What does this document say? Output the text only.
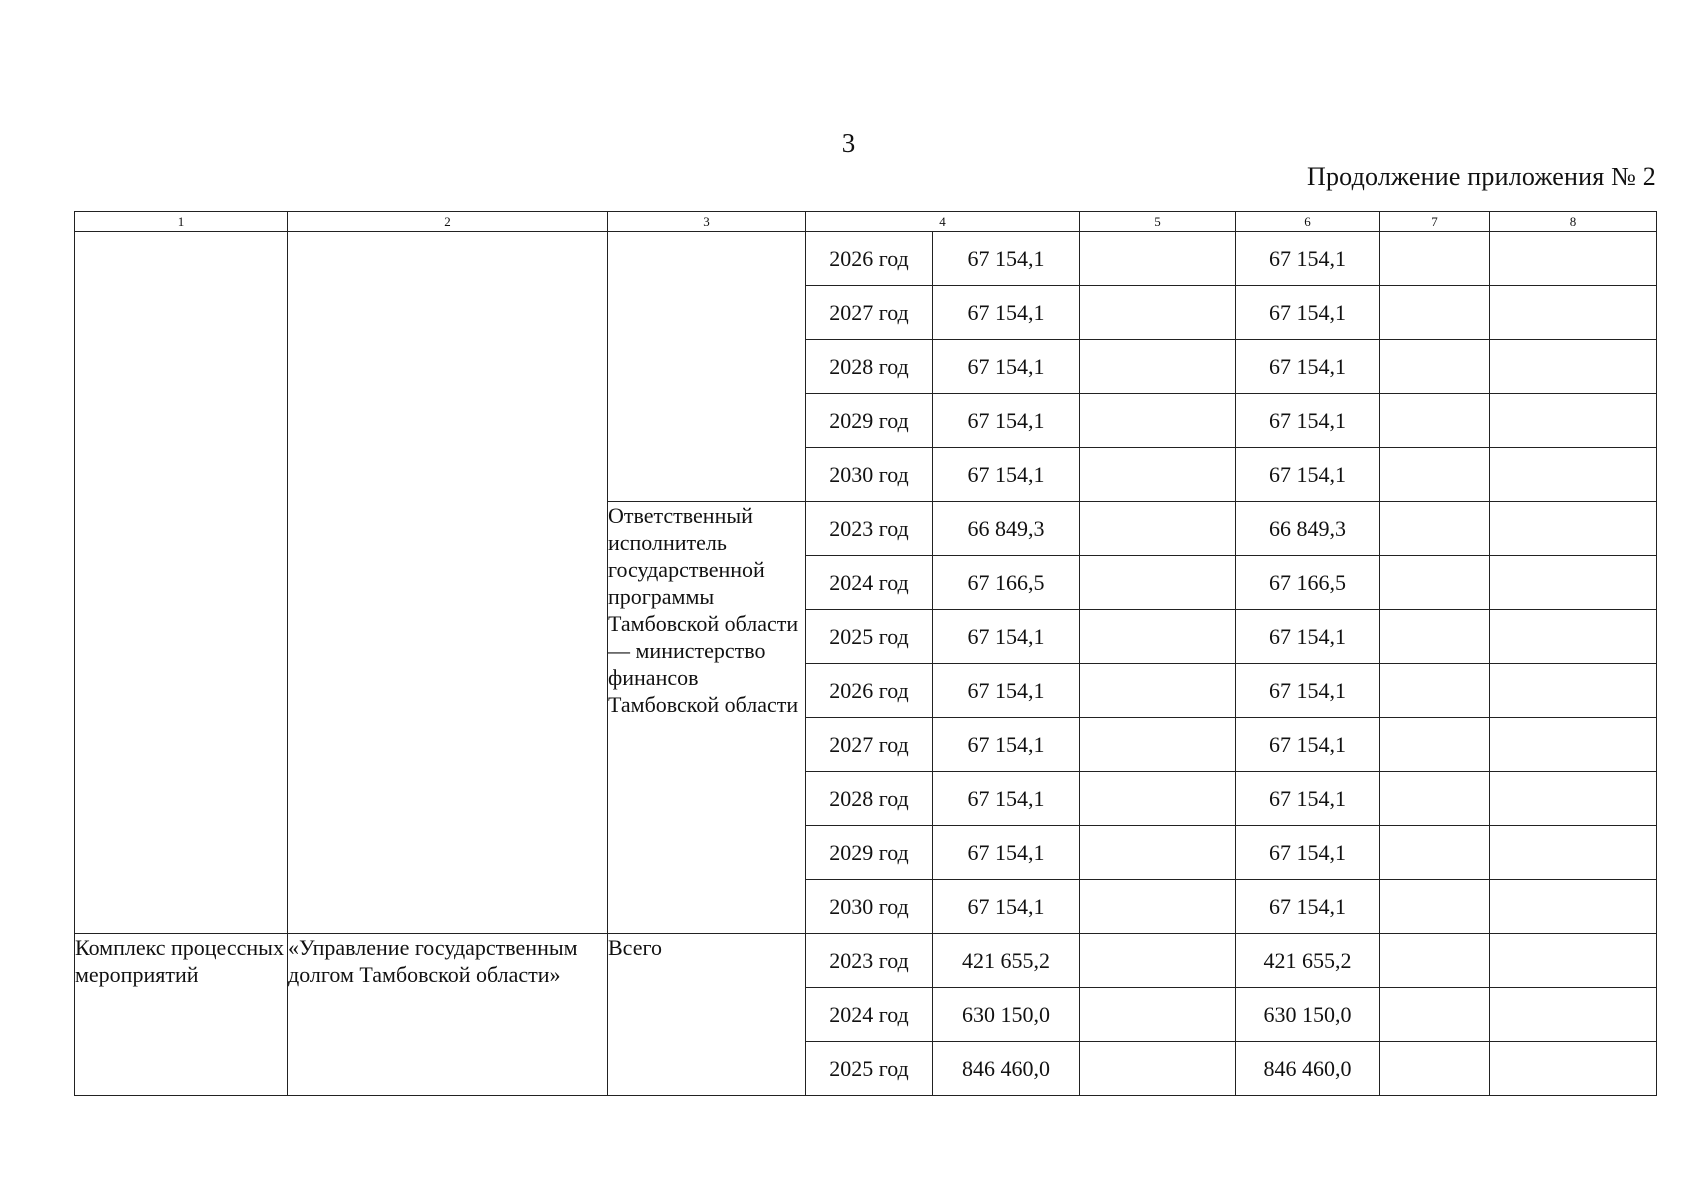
3
Продолжение приложения № 2
1	2	3	4		5	6	7	8
			2026 год	67 154,1		67 154,1		
			2027 год	67 154,1		67 154,1		
			2028 год	67 154,1		67 154,1		
			2029 год	67 154,1		67 154,1		
			2030 год	67 154,1		67 154,1		
		Ответственный исполнитель государственной программы Тамбовской области — министерство финансов Тамбовской области	2023 год	66 849,3		66 849,3		
			2024 год	67 166,5		67 166,5		
			2025 год	67 154,1		67 154,1		
			2026 год	67 154,1		67 154,1		
			2027 год	67 154,1		67 154,1		
			2028 год	67 154,1		67 154,1		
			2029 год	67 154,1		67 154,1		
			2030 год	67 154,1		67 154,1		
Комплекс процессных мероприятий	«Управление государственным долгом Тамбовской области»	Всего	2023 год	421 655,2		421 655,2		
			2024 год	630 150,0		630 150,0		
			2025 год	846 460,0		846 460,0		
